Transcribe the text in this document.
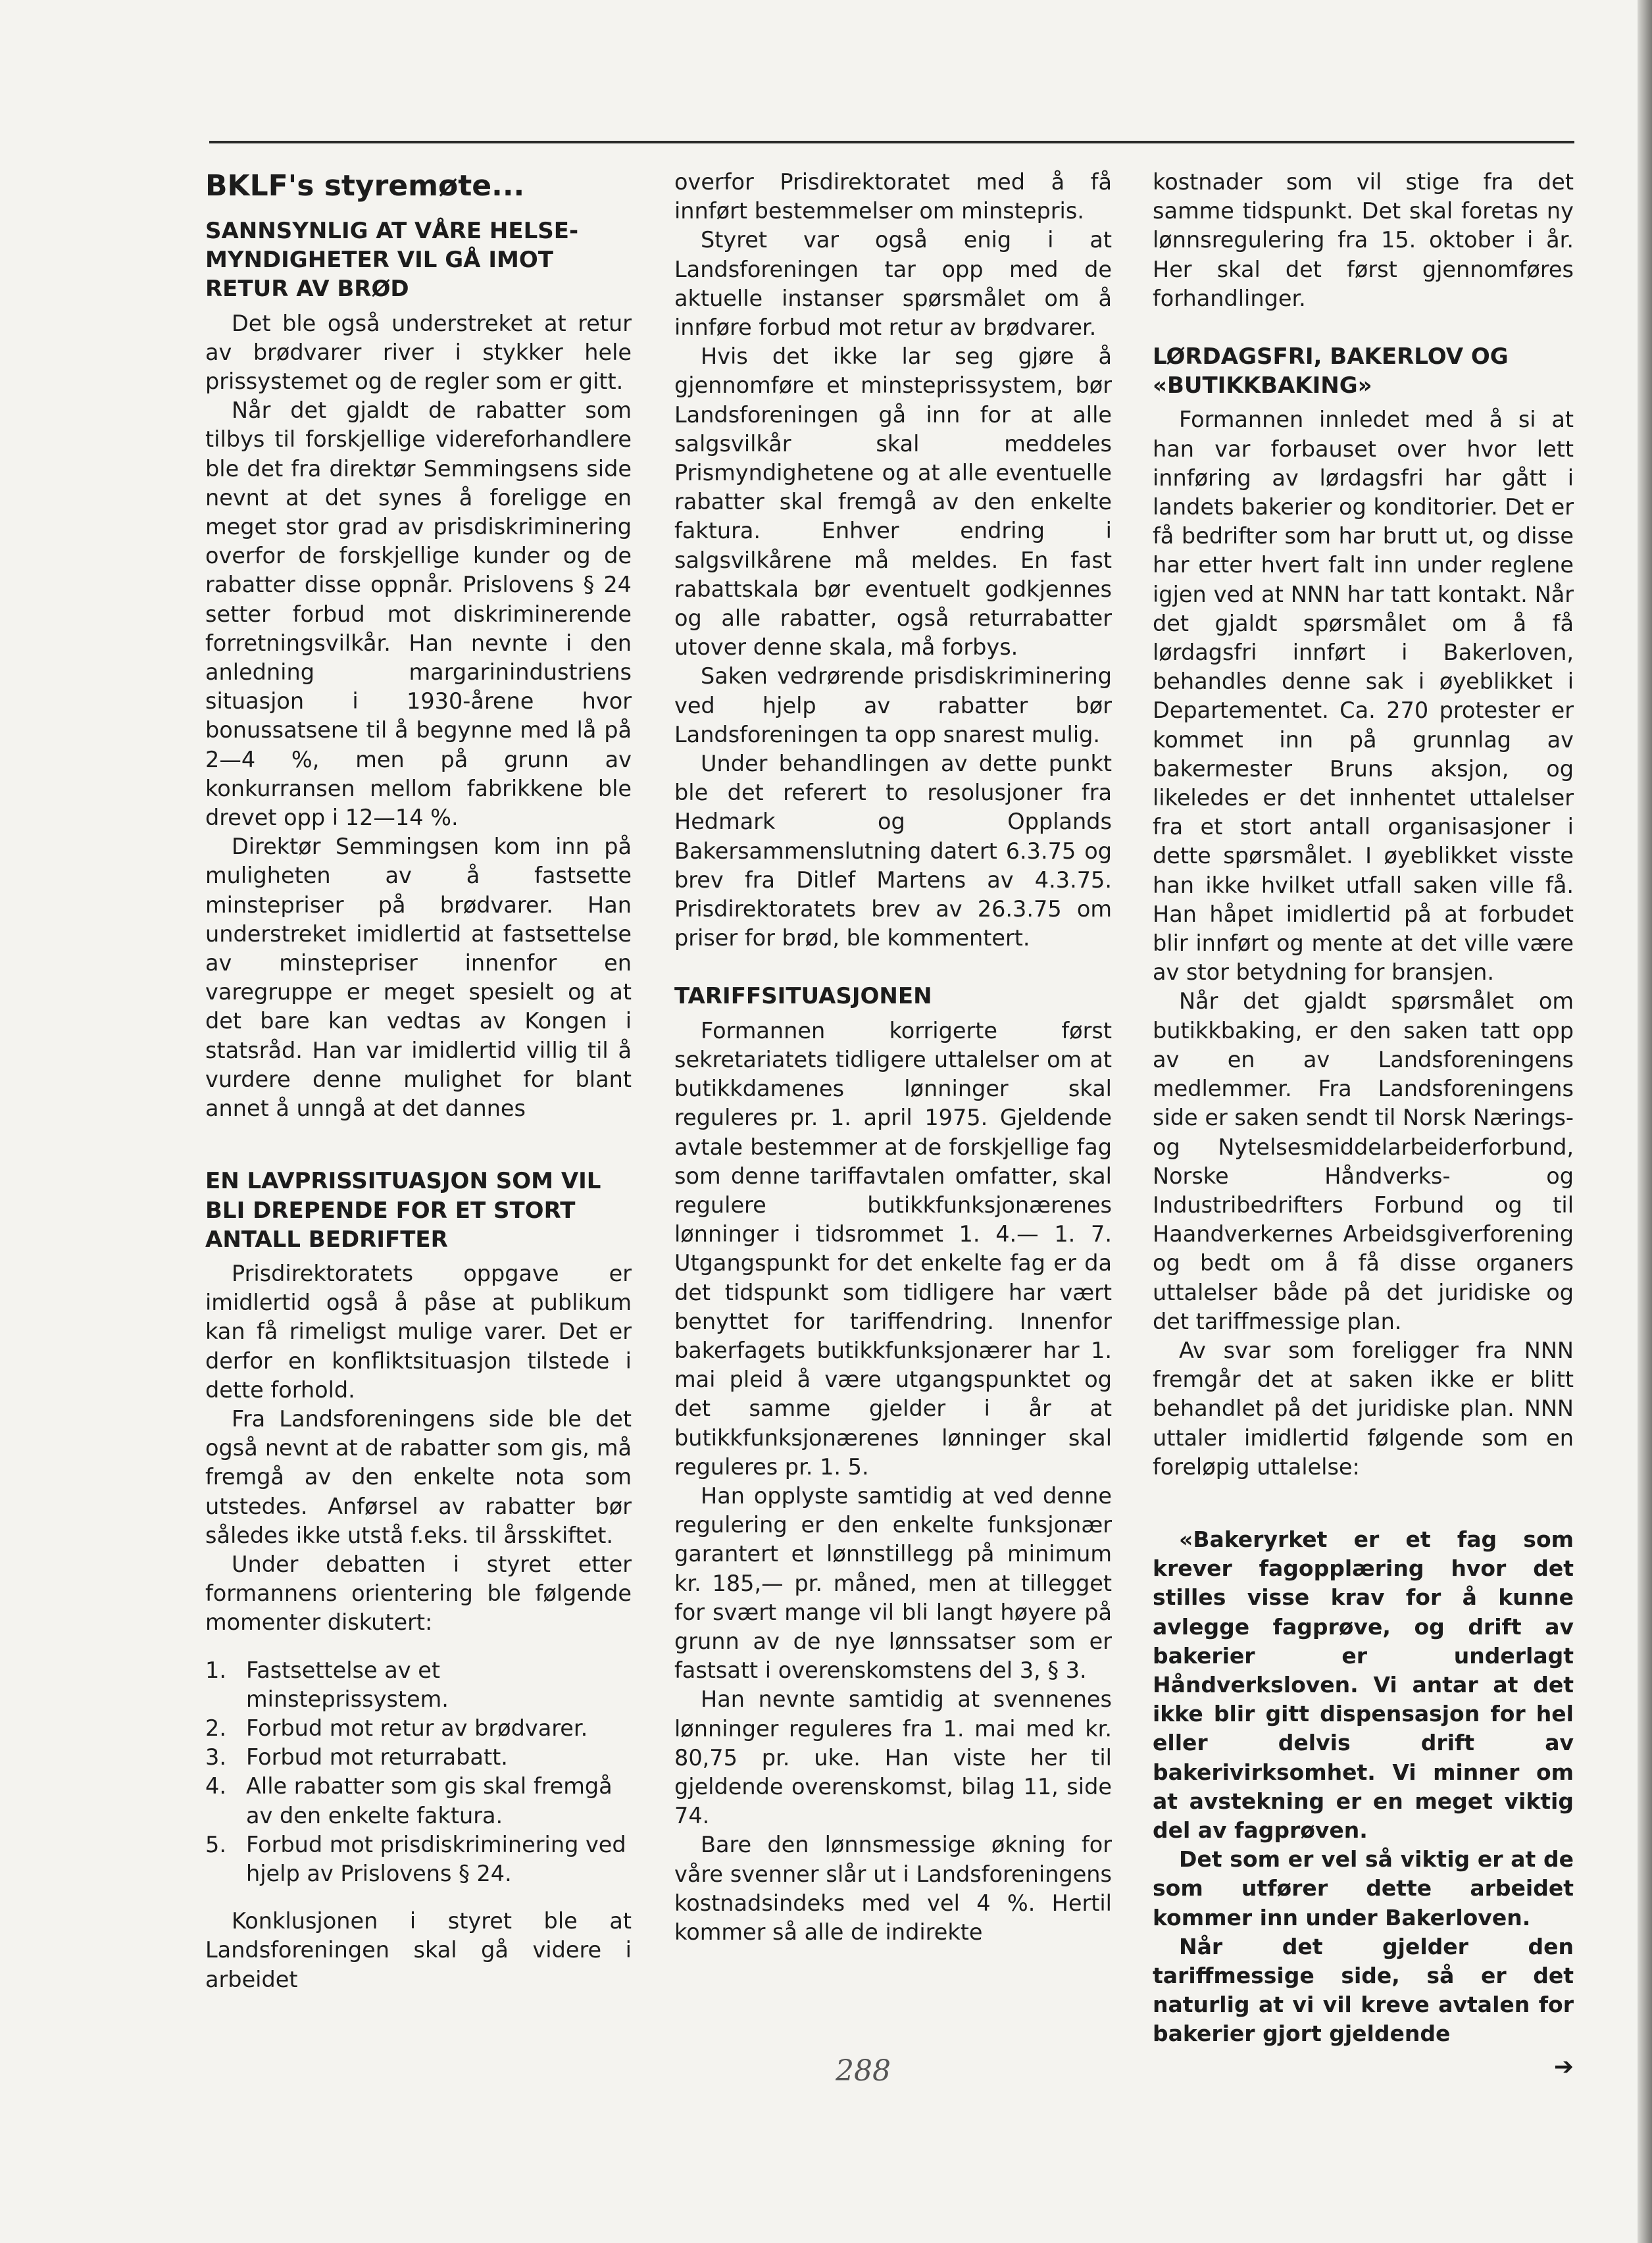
BKLF's styremøte...
SANNSYNLIG AT VÅRE HELSE-MYNDIGHETER VIL GÅ IMOT RETUR AV BRØD

Det ble også understreket at retur av brødvarer river i stykker hele prissystemet og de regler som er gitt.

Når det gjaldt de rabatter som tilbys til forskjellige videreforhandlere ble det fra direktør Semmingsens side nevnt at det synes å foreligge en meget stor grad av prisdiskriminering overfor de forskjellige kunder og de rabatter disse oppnår. Prislovens § 24 setter forbud mot diskriminerende forretningsvilkår. Han nevnte i den anledning margarinindustriens situasjon i 1930-årene hvor bonussatsene til å begynne med lå på 2—4 %, men på grunn av konkurransen mellom fabrikkene ble drevet opp i 12—14 %.

Direktør Semmingsen kom inn på muligheten av å fastsette minstepriser på brødvarer. Han understreket imidlertid at fastsettelse av minstepriser innenfor en varegruppe er meget spesielt og at det bare kan vedtas av Kongen i statsråd. Han var imidlertid villig til å vurdere denne mulighet for blant annet å unngå at det dannes

EN LAVPRISSITUASJON SOM VIL BLI DREPENDE FOR ET STORT ANTALL BEDRIFTER

Prisdirektoratets oppgave er imidlertid også å påse at publikum kan få rimeligst mulige varer. Det er derfor en konfliktsituasjon tilstede i dette forhold.

Fra Landsforeningens side ble det også nevnt at de rabatter som gis, må fremgå av den enkelte nota som utstedes. Anførsel av rabatter bør således ikke utstå f.eks. til årsskiftet.

Under debatten i styret etter formannens orientering ble følgende momenter diskutert:

1. Fastsettelse av et minsteprissystem.
2. Forbud mot retur av brødvarer.
3. Forbud mot returrabatt.
4. Alle rabatter som gis skal fremgå av den enkelte faktura.
5. Forbud mot prisdiskriminering ved hjelp av Prislovens § 24.

Konklusjonen i styret ble at Landsforeningen skal gå videre i arbeidet

overfor Prisdirektoratet med å få innført bestemmelser om minstepris.

Styret var også enig i at Landsforeningen tar opp med de aktuelle instanser spørsmålet om å innføre forbud mot retur av brødvarer.

Hvis det ikke lar seg gjøre å gjennomføre et minsteprissystem, bør Landsforeningen gå inn for at alle salgsvilkår skal meddeles Prismyndighetene og at alle eventuelle rabatter skal fremgå av den enkelte faktura. Enhver endring i salgsvilkårene må meldes. En fast rabattskala bør eventuelt godkjennes og alle rabatter, også returrabatter utover denne skala, må forbys.

Saken vedrørende prisdiskriminering ved hjelp av rabatter bør Landsforeningen ta opp snarest mulig.

Under behandlingen av dette punkt ble det referert to resolusjoner fra Hedmark og Opplands Bakersammenslutning datert 6.3.75 og brev fra Ditlef Martens av 4.3.75. Prisdirektoratets brev av 26.3.75 om priser for brød, ble kommentert.

TARIFFSITUASJONEN

Formannen korrigerte først sekretariatets tidligere uttalelser om at butikkdamenes lønninger skal reguleres pr. 1. april 1975. Gjeldende avtale bestemmer at de forskjellige fag som denne tariffavtalen omfatter, skal regulere butikkfunksjonærenes lønninger i tidsrommet 1. 4.— 1. 7. Utgangspunkt for det enkelte fag er da det tidspunkt som tidligere har vært benyttet for tariffendring. Innenfor bakerfagets butikkfunksjonærer har 1. mai pleid å være utgangspunktet og det samme gjelder i år at butikkfunksjonærenes lønninger skal reguleres pr. 1. 5.

Han opplyste samtidig at ved denne regulering er den enkelte funksjonær garantert et lønnstillegg på minimum kr. 185,— pr. måned, men at tillegget for svært mange vil bli langt høyere på grunn av de nye lønnssatser som er fastsatt i overenskomstens del 3, § 3.

Han nevnte samtidig at svennenes lønninger reguleres fra 1. mai med kr. 80,75 pr. uke. Han viste her til gjeldende overenskomst, bilag 11, side 74.

Bare den lønnsmessige økning for våre svenner slår ut i Landsforeningens kostnadsindeks med vel 4 %. Hertil kommer så alle de indirekte

kostnader som vil stige fra det samme tidspunkt. Det skal foretas ny lønnsregulering fra 15. oktober i år. Her skal det først gjennomføres forhandlinger.

LØRDAGSFRI, BAKERLOV OG «BUTIKKBAKING»

Formannen innledet med å si at han var forbauset over hvor lett innføring av lørdagsfri har gått i landets bakerier og konditorier. Det er få bedrifter som har brutt ut, og disse har etter hvert falt inn under reglene igjen ved at NNN har tatt kontakt. Når det gjaldt spørsmålet om å få lørdagsfri innført i Bakerloven, behandles denne sak i øyeblikket i Departementet. Ca. 270 protester er kommet inn på grunnlag av bakermester Bruns aksjon, og likeledes er det innhentet uttalelser fra et stort antall organisasjoner i dette spørsmålet. I øyeblikket visste han ikke hvilket utfall saken ville få. Han håpet imidlertid på at forbudet blir innført og mente at det ville være av stor betydning for bransjen.

Når det gjaldt spørsmålet om butikkbaking, er den saken tatt opp av en av Landsforeningens medlemmer. Fra Landsforeningens side er saken sendt til Norsk Nærings- og Nytelsesmiddelarbeiderforbund, Norske Håndverks- og Industribedrifters Forbund og til Haandverkernes Arbeidsgiverforening og bedt om å få disse organers uttalelser både på det juridiske og det tariffmessige plan.

Av svar som foreligger fra NNN fremgår det at saken ikke er blitt behandlet på det juridiske plan. NNN uttaler imidlertid følgende som en foreløpig uttalelse:

«Bakeryrket er et fag som krever fagopplæring hvor det stilles visse krav for å kunne avlegge fagprøve, og drift av bakerier er underlagt Håndverksloven. Vi antar at det ikke blir gitt dispensasjon for hel eller delvis drift av bakerivirksomhet. Vi minner om at avstekning er en meget viktig del av fagprøven.

Det som er vel så viktig er at de som utfører dette arbeidet kommer inn under Bakerloven.

Når det gjelder den tariffmessige side, så er det naturlig at vi vil kreve avtalen for bakerier gjort gjeldende

➔
288
